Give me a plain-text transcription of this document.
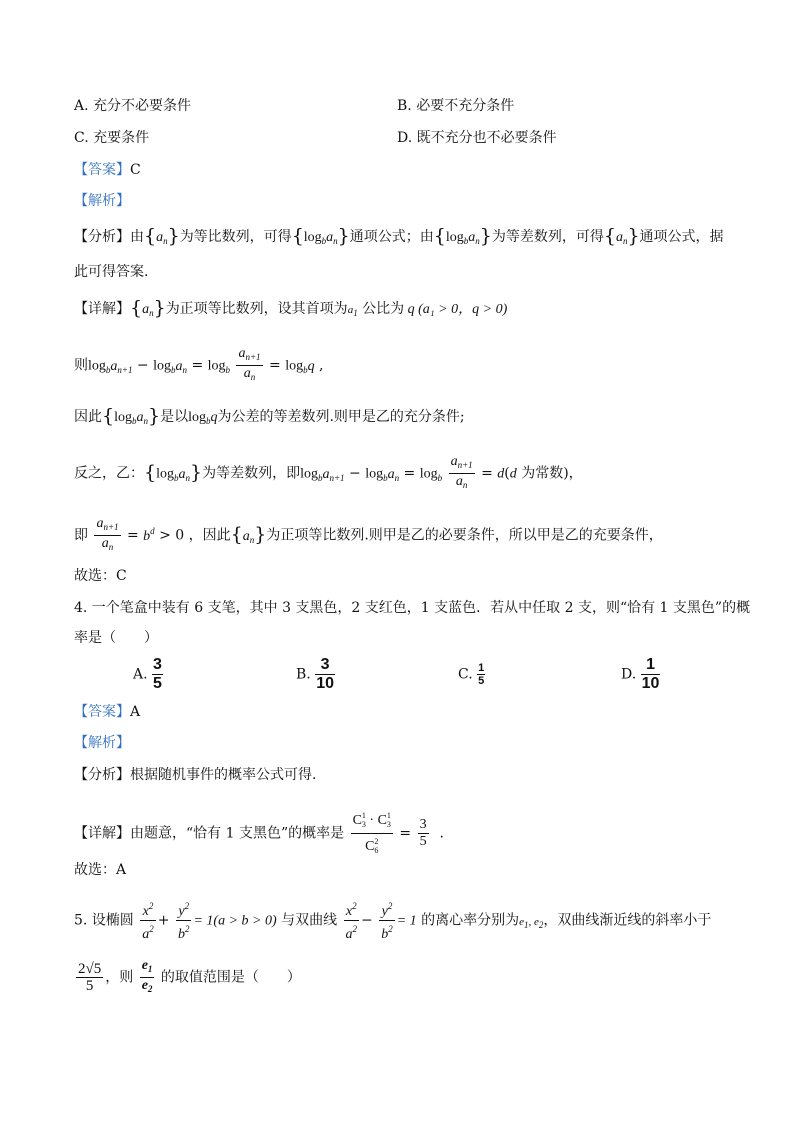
A. 充分不必要条件	B. 必要不充分条件
C. 充要条件	D. 既不充分也不必要条件
【答案】C
【解析】
【分析】由$\{a_n\}$为等比数列，可得$\{\log_ba_n\}$通项公式；由$\{\log_ba_n\}$为等差数列，可得$\{a_n\}$通项公式，据
此可得答案.
【详解】$\{a_n\}$为正项等比数列，设其首项为$a_1$ 公比为 q (a₁ > 0，q > 0)
则$\log_ba_{n+1} - \log_ba_n = \log_b \frac{a_{n+1}}{a_n} = \log_bq$ ,
因此$\{\log_ba_n\}$是以$\log_bq$为公差的等差数列.则甲是乙的充分条件;
反之，乙：$\{\log_ba_n\}$为等差数列，即$\log_ba_{n+1} - \log_ba_n = \log_b \frac{a_{n+1}}{a_n} = d(d$ 为常数)，
即 $\frac{a_{n+1}}{a_n} = b^d > 0$ ，因此$\{a_n\}$为正项等比数列.则甲是乙的必要条件，所以甲是乙的充要条件，
故选：C
4. 一个笔盒中装有 6 支笔，其中 3 支黑色，2 支红色，1 支蓝色．若从中任取 2 支，则“恰有 1 支黑色”的概
率是（　　）
A. $\frac{3}{5}$	B. $\frac{3}{10}$	C. $\frac{1}{5}$	D. $\frac{1}{10}$
【答案】A
【解析】
【分析】根据随机事件的概率公式可得.
【详解】由题意，“恰有 1 支黑色”的概率是 $\frac{C^1_3 \cdot C^1_3}{C^2_6} = \frac{3}{5}$ .
故选：A
5. 设椭圆 $\frac{x^2}{a^2} + \frac{y^2}{b^2} = 1(a > b > 0)$ 与双曲线 $\frac{x^2}{a^2} - \frac{y^2}{b^2} = 1$ 的离心率分别为$e_1$, $e_2$，双曲线渐近线的斜率小于
$\frac{2√5}{5}$ ，则 $\frac{e_1}{e_2}$ 的取值范围是（　　）
